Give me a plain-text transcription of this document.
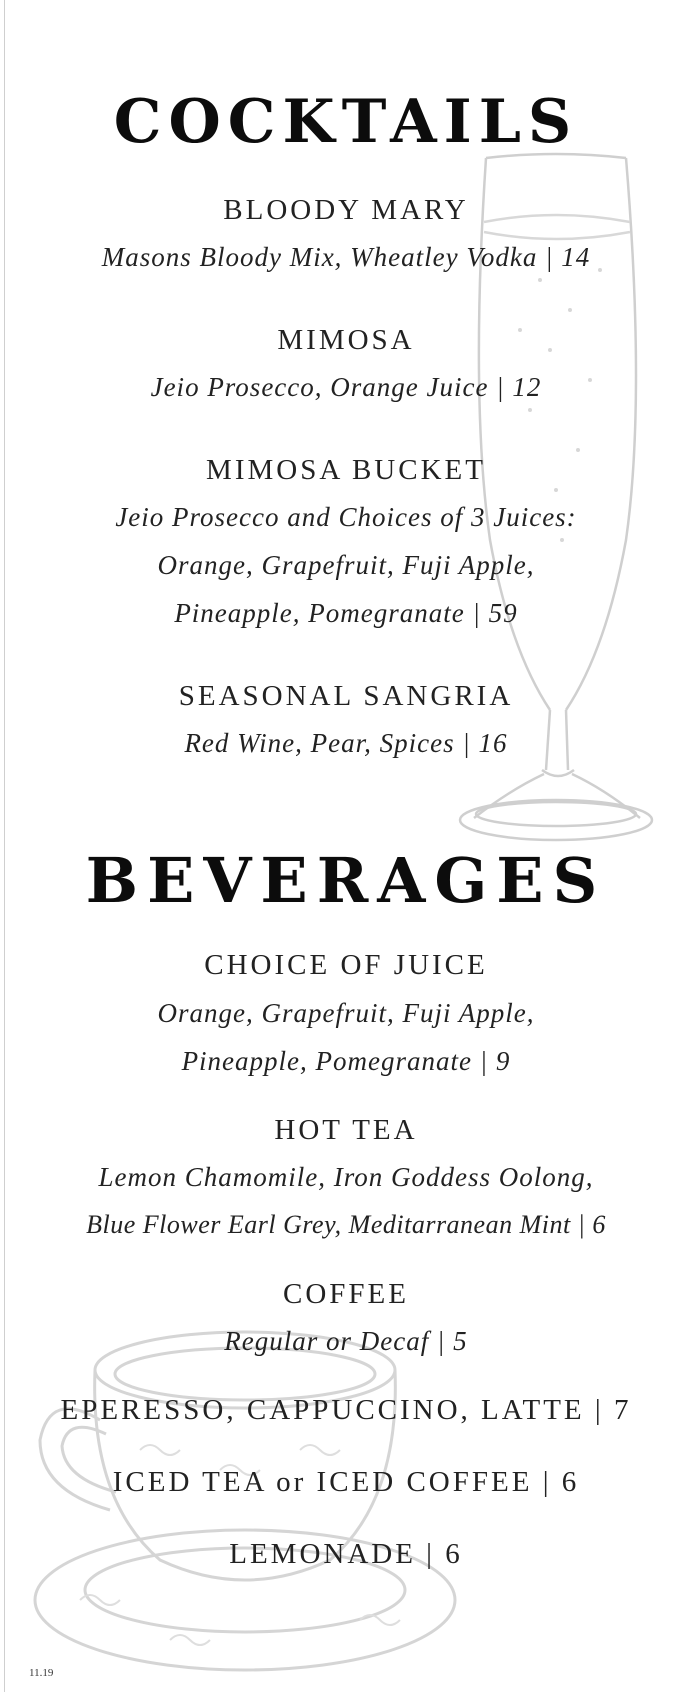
COCKTAILS
BLOODY MARY
Masons Bloody Mix, Wheatley Vodka | 14
MIMOSA
Jeio Prosecco, Orange Juice | 12
MIMOSA BUCKET
Jeio Prosecco and Choices of 3 Juices:
Orange, Grapefruit, Fuji Apple,
Pineapple, Pomegranate | 59
SEASONAL SANGRIA
Red Wine, Pear, Spices | 16
BEVERAGES
CHOICE OF JUICE
Orange, Grapefruit, Fuji Apple,
Pineapple, Pomegranate | 9
HOT TEA
Lemon Chamomile, Iron Goddess Oolong,
Blue Flower Earl Grey, Meditarranean Mint | 6
COFFEE
Regular or Decaf | 5
EPERESSO, CAPPUCCINO, LATTE | 7
ICED TEA or ICED COFFEE | 6
LEMONADE | 6
11.19
